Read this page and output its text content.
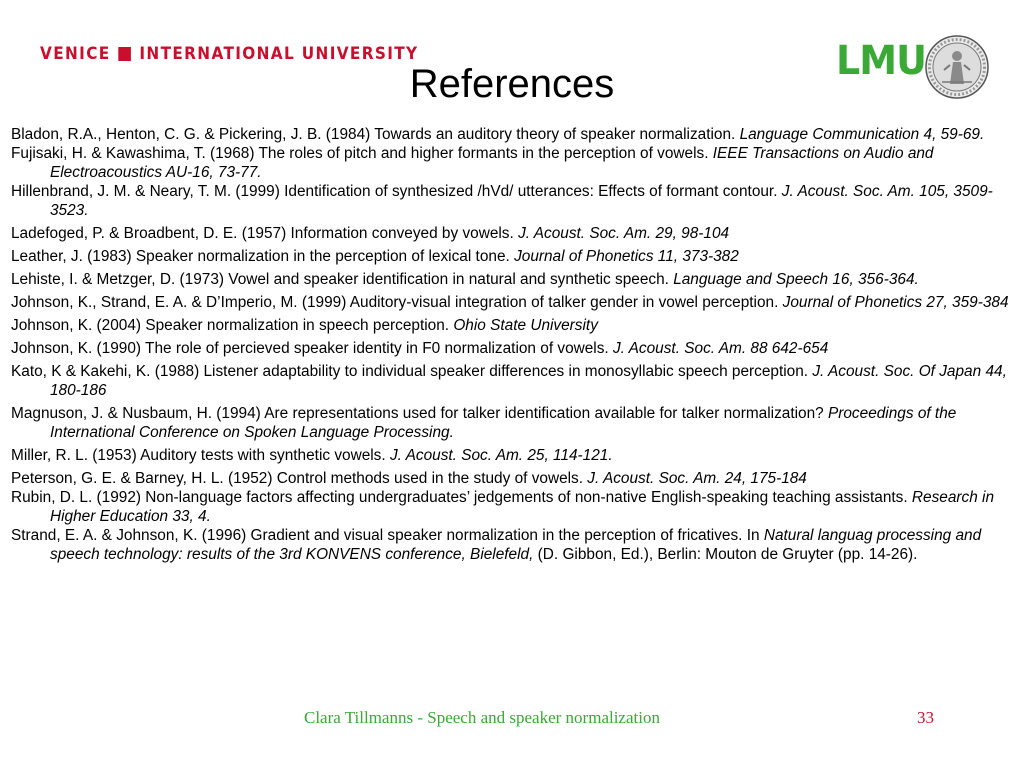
VENICE INTERNATIONAL UNIVERSITY	LMU
References
Bladon, R.A., Henton, C. G. & Pickering, J. B. (1984) Towards an auditory theory of speaker normalization. Language Communication 4, 59-69.
Fujisaki, H. & Kawashima, T. (1968) The roles of pitch and higher formants in the perception of vowels. IEEE Transactions on Audio and Electroacoustics AU-16, 73-77.
Hillenbrand, J. M. & Neary, T. M. (1999) Identification of synthesized /hVd/ utterances: Effects of formant contour. J. Acoust. Soc. Am. 105, 3509-3523.
Ladefoged, P. & Broadbent, D. E. (1957) Information conveyed by vowels. J. Acoust. Soc. Am. 29, 98-104
Leather, J. (1983) Speaker normalization in the perception of lexical tone. Journal of Phonetics 11, 373-382
Lehiste, I. & Metzger, D. (1973) Vowel and speaker identification in natural and synthetic speech. Language and Speech 16, 356-364.
Johnson, K., Strand, E. A. & D’Imperio, M. (1999) Auditory-visual integration of talker gender in vowel perception. Journal of Phonetics 27, 359-384
Johnson, K. (2004) Speaker normalization in speech perception. Ohio State University
Johnson, K. (1990) The role of percieved speaker identity in F0 normalization of vowels. J. Acoust. Soc. Am. 88 642-654
Kato, K & Kakehi, K. (1988) Listener adaptability to individual speaker differences in monosyllabic speech perception. J. Acoust. Soc. Of Japan 44, 180-186
Magnuson, J. & Nusbaum, H. (1994) Are representations used for talker identification available for talker normalization? Proceedings of the International Conference on Spoken Language Processing.
Miller, R. L. (1953) Auditory tests with synthetic vowels. J. Acoust. Soc. Am. 25, 114-121.
Peterson, G. E. & Barney, H. L. (1952) Control methods used in the study of vowels. J. Acoust. Soc. Am. 24, 175-184
Rubin, D. L. (1992) Non-language factors affecting undergraduates’ jedgements of non-native English-speaking teaching assistants. Research in Higher Education 33, 4.
Strand, E. A. & Johnson, K. (1996) Gradient and visual speaker normalization in the perception of fricatives. In Natural languag processing and speech technology: results of the 3rd KONVENS conference, Bielefeld, (D. Gibbon, Ed.), Berlin: Mouton de Gruyter (pp. 14-26).
Clara Tillmanns - Speech and speaker normalization	33
